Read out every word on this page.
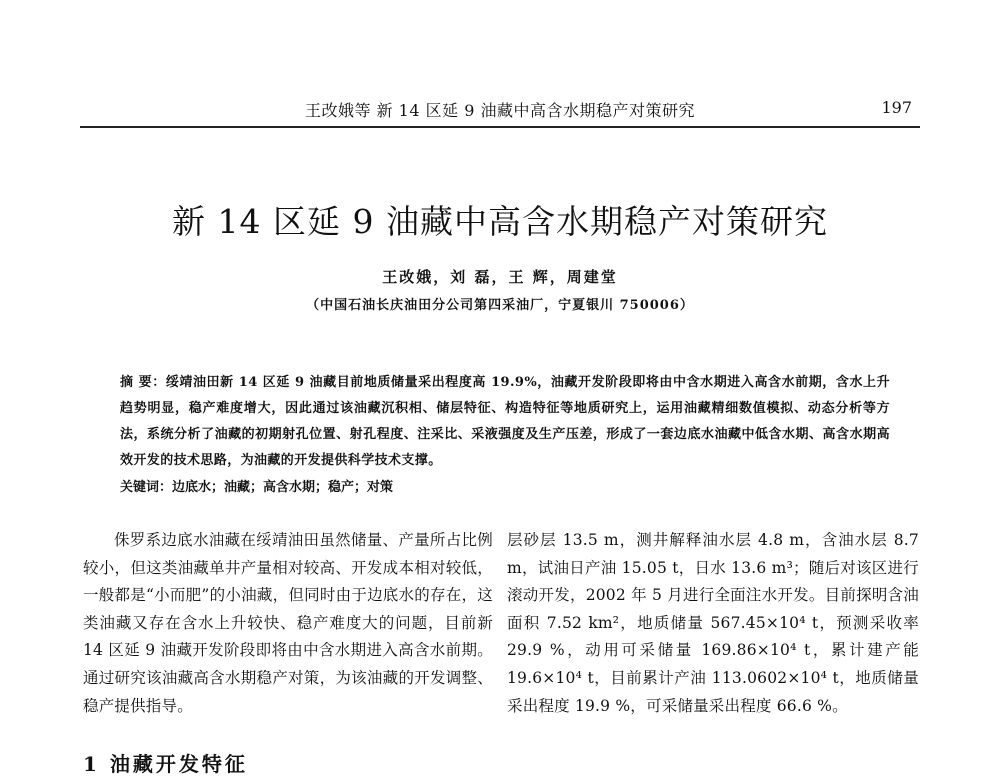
王改娥等 新 14 区延 9 油藏中高含水期稳产对策研究	197
新 14 区延 9 油藏中高含水期稳产对策研究
王改娥，刘 磊，王 辉，周建堂
（中国石油长庆油田分公司第四采油厂，宁夏银川 750006）
摘 要：绥靖油田新 14 区延 9 油藏目前地质储量采出程度高 19.9%，油藏开发阶段即将由中含水期进入高含水前期，含水上升趋势明显，稳产难度增大，因此通过该油藏沉积相、储层特征、构造特征等地质研究上，运用油藏精细数值模拟、动态分析等方法，系统分析了油藏的初期射孔位置、射孔程度、注采比、采液强度及生产压差，形成了一套边底水油藏中低含水期、高含水期高效开发的技术思路，为油藏的开发提供科学技术支撑。
关键词：边底水；油藏；高含水期；稳产；对策
侏罗系边底水油藏在绥靖油田虽然储量、产量所占比例较小，但这类油藏单井产量相对较高、开发成本相对较低，一般都是“小而肥”的小油藏，但同时由于边底水的存在，这类油藏又存在含水上升较快、稳产难度大的问题，目前新 14 区延 9 油藏开发阶段即将由中含水期进入高含水前期。通过研究该油藏高含水期稳产对策，为该油藏的开发调整、稳产提供指导。
层砂层 13.5 m，测井解释油水层 4.8 m，含油水层 8.7 m，试油日产油 15.05 t，日水 13.6 m³；随后对该区进行滚动开发，2002 年 5 月进行全面注水开发。目前探明含油面积 7.52 km²，地质储量 567.45×10⁴ t，预测采收率 29.9 %，动用可采储量 169.86×10⁴ t，累计建产能 19.6×10⁴ t，目前累计产油 113.0602×10⁴ t，地质储量采出程度 19.9 %，可采储量采出程度 66.6 %。
1 油藏开发特征
